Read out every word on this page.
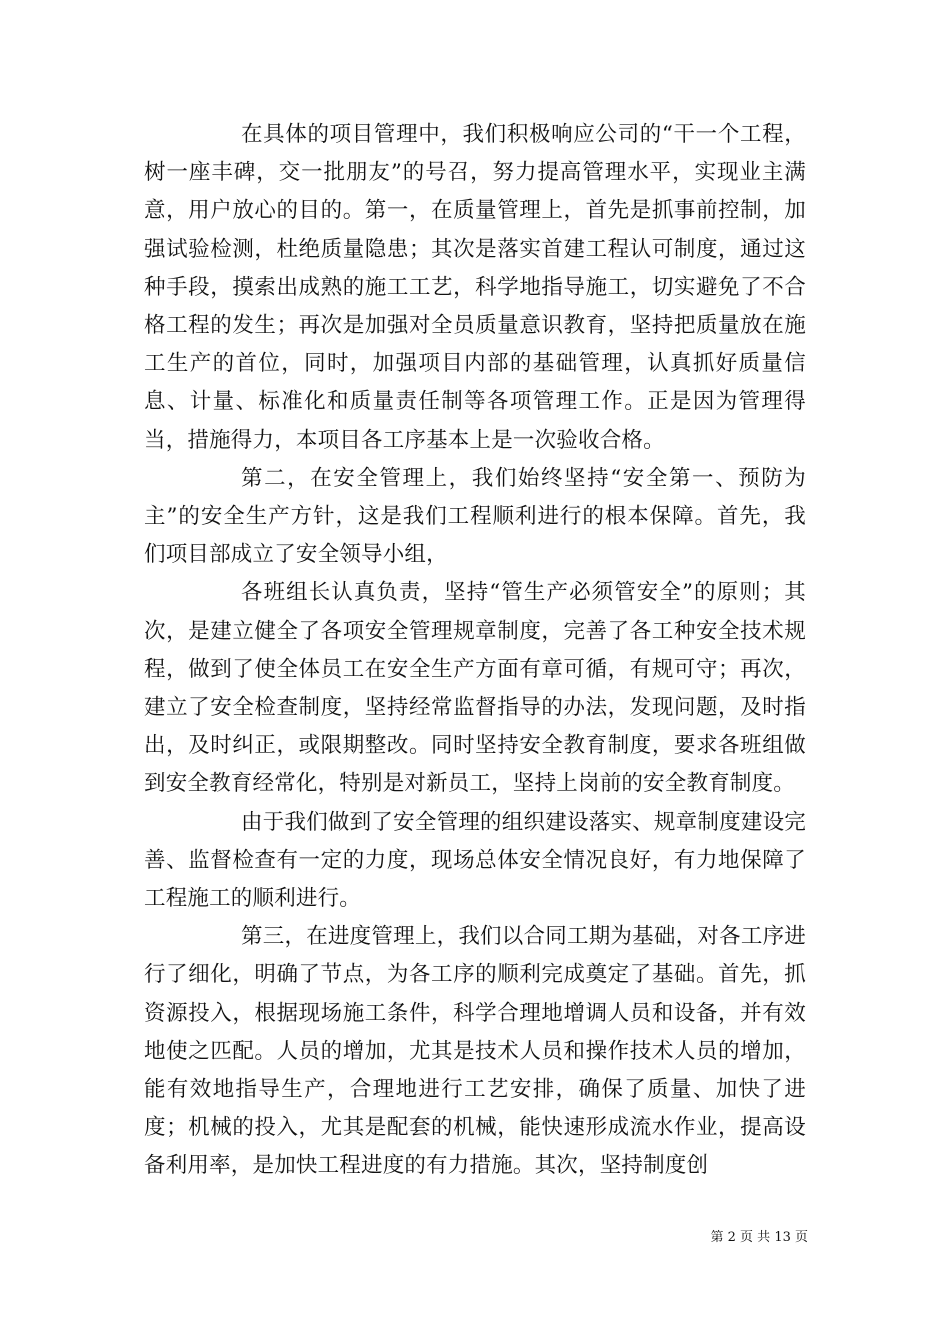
在具体的项目管理中，我们积极响应公司的“干一个工程，树一座丰碑，交一批朋友”的号召，努力提高管理水平，实现业主满意，用户放心的目的。第一，在质量管理上，首先是抓事前控制，加强试验检测，杜绝质量隐患；其次是落实首建工程认可制度，通过这种手段，摸索出成熟的施工工艺，科学地指导施工，切实避免了不合格工程的发生；再次是加强对全员质量意识教育，坚持把质量放在施工生产的首位，同时，加强项目内部的基础管理，认真抓好质量信息、计量、标准化和质量责任制等各项管理工作。正是因为管理得当，措施得力，本项目各工序基本上是一次验收合格。

第二，在安全管理上，我们始终坚持“安全第一、预防为主”的安全生产方针，这是我们工程顺利进行的根本保障。首先，我们项目部成立了安全领导小组，

各班组长认真负责，坚持“管生产必须管安全”的原则；其次，是建立健全了各项安全管理规章制度，完善了各工种安全技术规程，做到了使全体员工在安全生产方面有章可循，有规可守；再次，建立了安全检查制度，坚持经常监督指导的办法，发现问题，及时指出，及时纠正，或限期整改。同时坚持安全教育制度，要求各班组做到安全教育经常化，特别是对新员工，坚持上岗前的安全教育制度。

由于我们做到了安全管理的组织建设落实、规章制度建设完善、监督检查有一定的力度，现场总体安全情况良好，有力地保障了工程施工的顺利进行。

第三，在进度管理上，我们以合同工期为基础，对各工序进行了细化，明确了节点，为各工序的顺利完成奠定了基础。首先，抓资源投入，根据现场施工条件，科学合理地增调人员和设备，并有效地使之匹配。人员的增加，尤其是技术人员和操作技术人员的增加，能有效地指导生产，合理地进行工艺安排，确保了质量、加快了进度；机械的投入，尤其是配套的机械，能快速形成流水作业，提高设备利用率，是加快工程进度的有力措施。其次，坚持制度创

第 2 页 共 13 页
